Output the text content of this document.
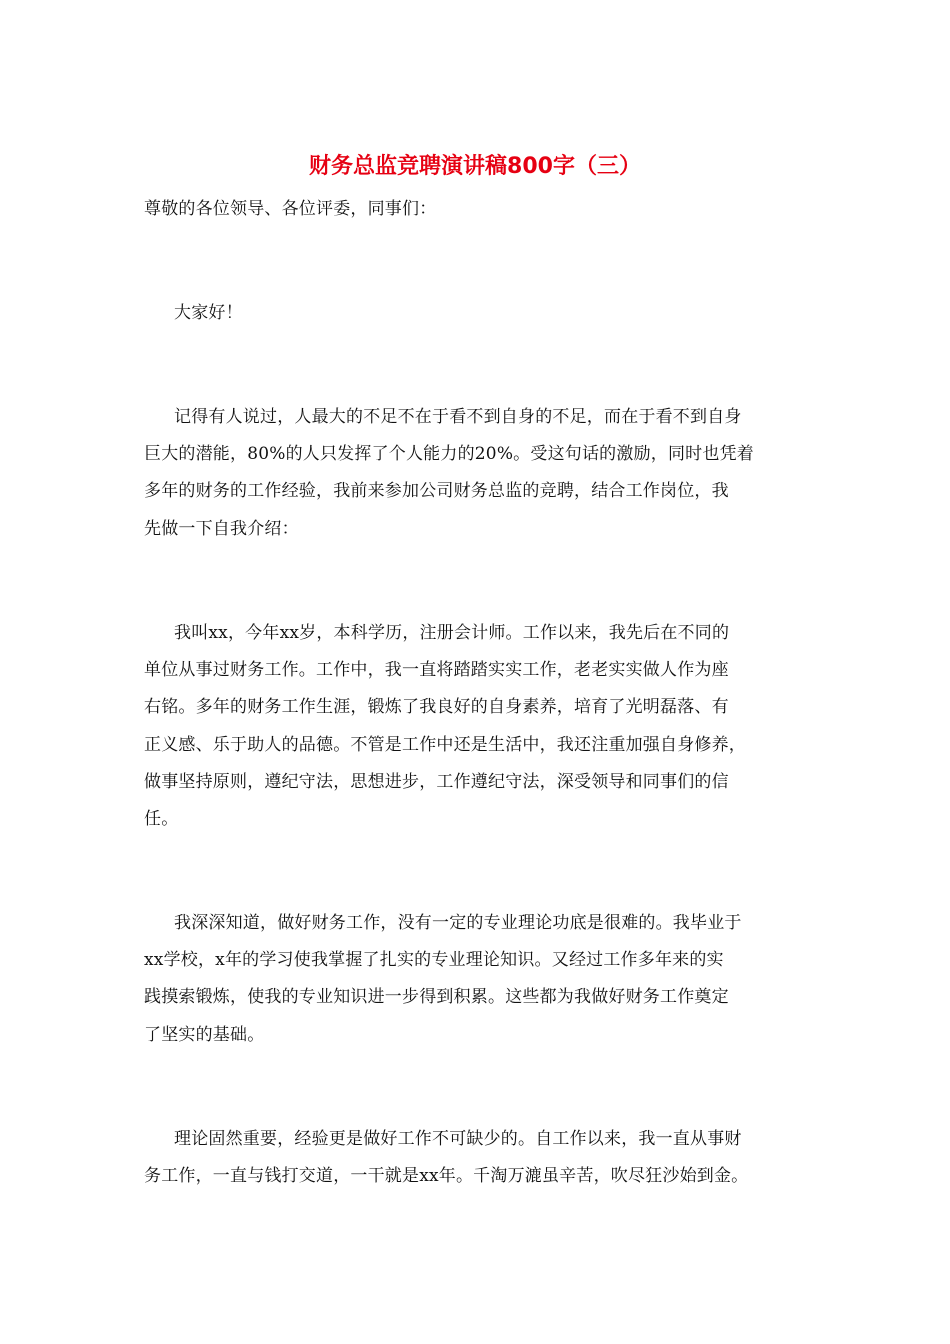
财务总监竞聘演讲稿800字（三）
尊敬的各位领导、各位评委，同事们：
大家好！
记得有人说过，人最大的不足不在于看不到自身的不足，而在于看不到自身
巨大的潜能，80%的人只发挥了个人能力的20%。受这句话的激励，同时也凭着
多年的财务的工作经验，我前来参加公司财务总监的竞聘，结合工作岗位，我
先做一下自我介绍：
我叫xx，今年xx岁，本科学历，注册会计师。工作以来，我先后在不同的
单位从事过财务工作。工作中，我一直将踏踏实实工作，老老实实做人作为座
右铭。多年的财务工作生涯，锻炼了我良好的自身素养，培育了光明磊落、有
正义感、乐于助人的品德。不管是工作中还是生活中，我还注重加强自身修养，
做事坚持原则，遵纪守法，思想进步，工作遵纪守法，深受领导和同事们的信
任。
我深深知道，做好财务工作，没有一定的专业理论功底是很难的。我毕业于
xx学校，x年的学习使我掌握了扎实的专业理论知识。又经过工作多年来的实
践摸索锻炼，使我的专业知识进一步得到积累。这些都为我做好财务工作奠定
了坚实的基础。
理论固然重要，经验更是做好工作不可缺少的。自工作以来，我一直从事财
务工作，一直与钱打交道，一干就是xx年。千淘万漉虽辛苦，吹尽狂沙始到金。
